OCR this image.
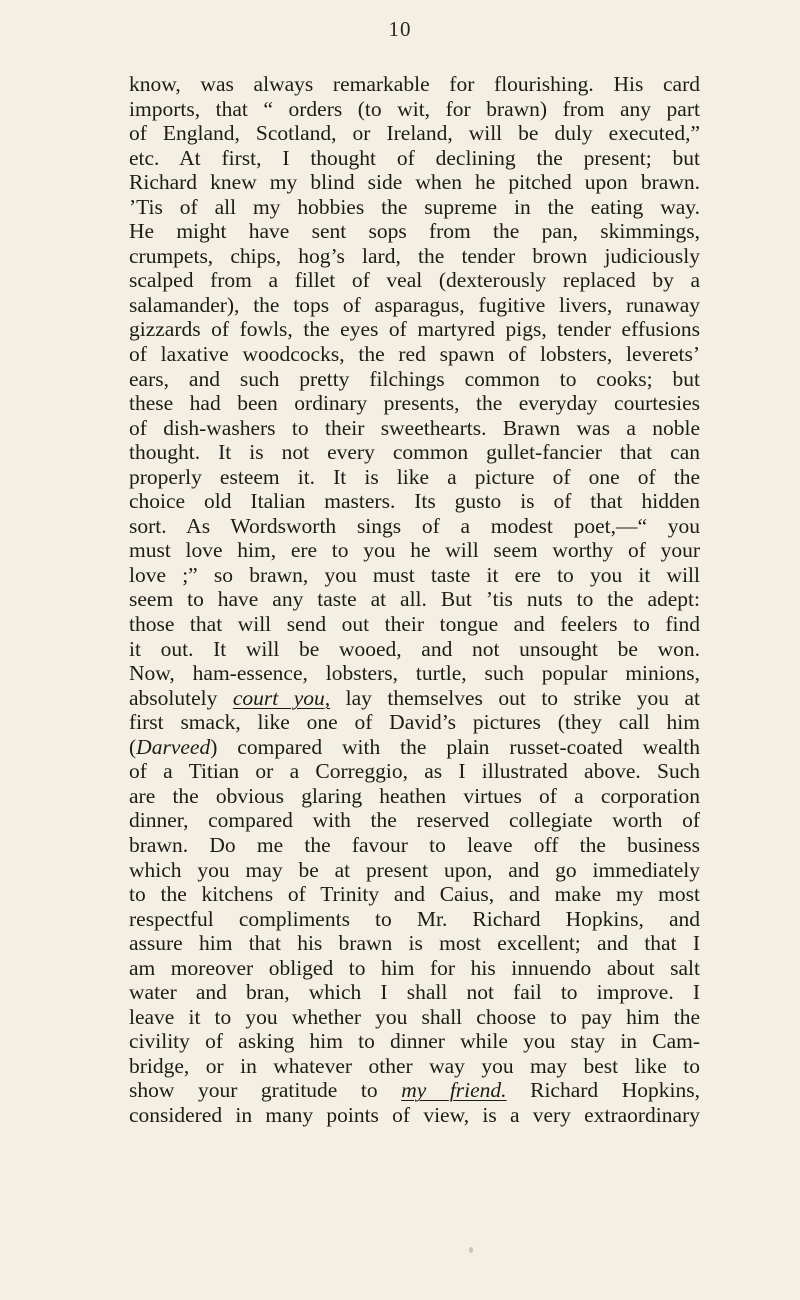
10
know, was always remarkable for flourishing. His card
imports, that “ orders (to wit, for brawn) from any part
of England, Scotland, or Ireland, will be duly executed,”
etc. At first, I thought of declining the present; but
Richard knew my blind side when he pitched upon brawn.
’Tis of all my hobbies the supreme in the eating way.
He might have sent sops from the pan, skimmings,
crumpets, chips, hog’s lard, the tender brown judiciously
scalped from a fillet of veal (dexterously replaced by a
salamander), the tops of asparagus, fugitive livers, runaway
gizzards of fowls, the eyes of martyred pigs, tender effusions
of laxative woodcocks, the red spawn of lobsters, leverets’
ears, and such pretty filchings common to cooks; but
these had been ordinary presents, the everyday courtesies
of dish-washers to their sweethearts. Brawn was a noble
thought. It is not every common gullet-fancier that can
properly esteem it. It is like a picture of one of the
choice old Italian masters. Its gusto is of that hidden
sort. As Wordsworth sings of a modest poet,—“ you
must love him, ere to you he will seem worthy of your
love ;” so brawn, you must taste it ere to you it will
seem to have any taste at all. But ’tis nuts to the adept:
those that will send out their tongue and feelers to find
it out. It will be wooed, and not unsought be won.
Now, ham-essence, lobsters, turtle, such popular minions,
absolutely court you, lay themselves out to strike you at
first smack, like one of David’s pictures (they call him
(Darveed) compared with the plain russet-coated wealth
of a Titian or a Correggio, as I illustrated above. Such
are the obvious glaring heathen virtues of a corporation
dinner, compared with the reserved collegiate worth of
brawn. Do me the favour to leave off the business
which you may be at present upon, and go immediately
to the kitchens of Trinity and Caius, and make my most
respectful compliments to Mr. Richard Hopkins, and
assure him that his brawn is most excellent; and that I
am moreover obliged to him for his innuendo about salt
water and bran, which I shall not fail to improve. I
leave it to you whether you shall choose to pay him the
civility of asking him to dinner while you stay in Cam-
bridge, or in whatever other way you may best like to
show your gratitude to my friend. Richard Hopkins,
considered in many points of view, is a very extraordinary
